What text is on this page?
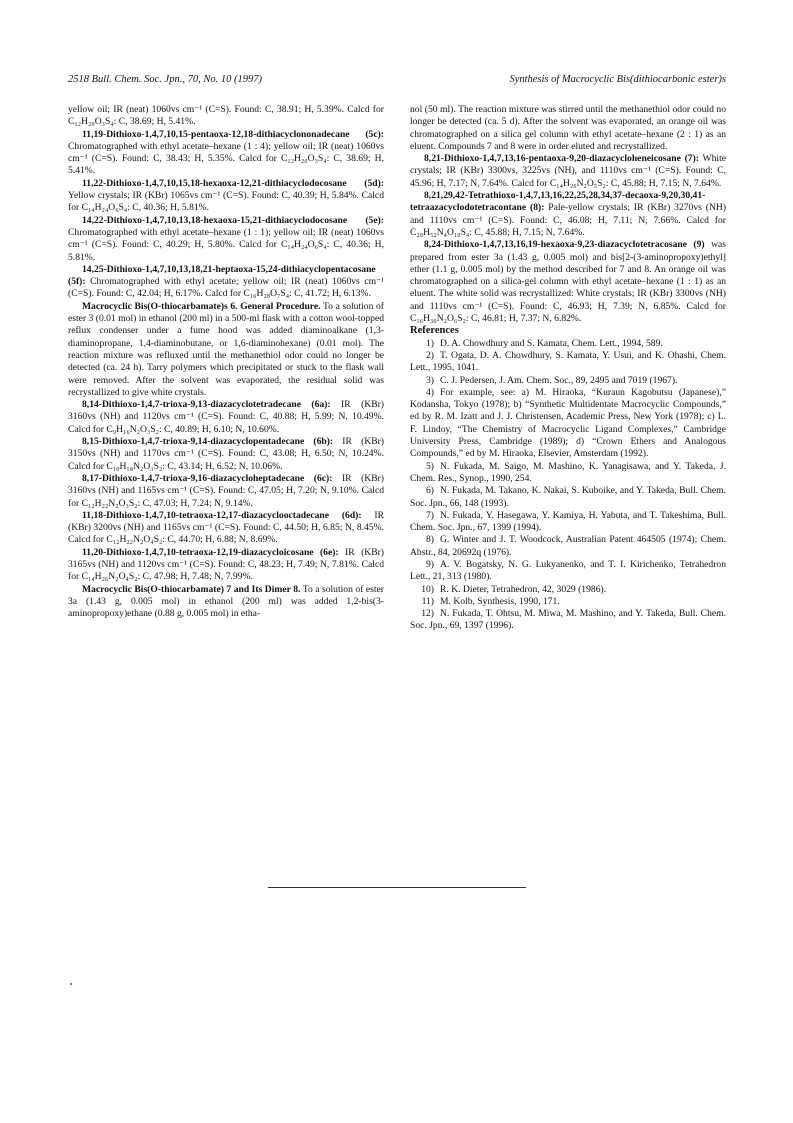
2518 Bull. Chem. Soc. Jpn., 70, No. 10 (1997)	Synthesis of Macrocyclic Bis(dithiocarbonic ester)s

yellow oil; IR (neat) 1060vs cm⁻¹ (C=S). Found: C, 38.91; H, 5.39%. Calcd for C₁₂H₂₀O₃S₄: C, 38.69; H, 5.41%.

11,19-Dithioxo-1,4,7,10,15-pentaoxa-12,18-dithiacyclononadecane (5c): Chromatographed with ethyl acetate–hexane (1 : 4); yellow oil; IR (neat) 1060vs cm⁻¹ (C=S). Found: C, 38.43; H, 5.35%. Calcd for C₁₂H₂₀O₃S₄: C, 38.69; H, 5.41%.

11,22-Dithioxo-1,4,7,10,15,18-hexaoxa-12,21-dithiacyclodocosane (5d): Yellow crystals; IR (KBr) 1065vs cm⁻¹ (C=S). Found: C, 40.39; H, 5.84%. Calcd for C₁₄H₂₄O₆S₄: C, 40.36; H, 5.81%.

14,22-Dithioxo-1,4,7,10,13,18-hexaoxa-15,21-dithiacyclodocosane (5e): Chromatographed with ethyl acetate–hexane (1 : 1); yellow oil; IR (neat) 1060vs cm⁻¹ (C=S). Found: C, 40.29; H, 5.80%. Calcd for C₁₄H₂₄O₆S₄: C, 40.36; H, 5.81%.

14,25-Dithioxo-1,4,7,10,13,18,21-heptaoxa-15,24-dithiacyclopentacosane (5f): Chromatographed with ethyl acetate; yellow oil; IR (neat) 1060vs cm⁻¹ (C=S). Found: C, 42.04; H, 6.17%. Calcd for C₁₆H₂₈O₇S₄: C, 41.72; H, 6.13%.

Macrocyclic Bis(O-thiocarbamate)s 6. General Procedure. To a solution of ester 3 (0.01 mol) in ethanol (200 ml) in a 500-ml flask with a cotton wool-topped reflux condenser under a fume hood was added diaminoalkane (1,3-diaminopropane, 1,4-diaminobutane, or 1,6-diaminohexane) (0.01 mol). The reaction mixture was refluxed until the methanethiol odor could no longer be detected (ca. 24 h). Tarry polymers which precipitated or stuck to the flask wall were removed. After the solvent was evaporated, the residual solid was recrystallized to give white crystals.

8,14-Dithioxo-1,4,7-trioxa-9,13-diazacyclotetradecane (6a): IR (KBr) 3160vs (NH) and 1120vs cm⁻¹ (C=S). Found: C, 40.88; H, 5.99; N, 10.49%. Calcd for C₉H₁₆N₂O₃S₂: C, 40.89; H, 6.10; N, 10.60%.

8,15-Dithioxo-1,4,7-trioxa-9,14-diazacyclopentadecane (6b): IR (KBr) 3150vs (NH) and 1170vs cm⁻¹ (C=S). Found: C, 43.08; H, 6.50; N, 10.24%. Calcd for C₁₀H₁₈N₂O₃S₂: C, 43.14; H, 6.52; N, 10.06%.

8,17-Dithioxo-1,4,7-trioxa-9,16-diazacycloheptadecane (6c): IR (KBr) 3160vs (NH) and 1165vs cm⁻¹ (C=S). Found: C, 47.05; H, 7.20; N, 9.10%. Calcd for C₁₂H₂₂N₂O₃S₂: C, 47.03; H, 7.24; N, 9.14%.

11,18-Dithioxo-1,4,7,10-tetraoxa-12,17-diazacyclooctadecane (6d): IR (KBr) 3200vs (NH) and 1165vs cm⁻¹ (C=S). Found: C, 44.50; H, 6.85; N, 8.45%. Calcd for C₁₂H₂₂N₂O₄S₂: C, 44.70; H, 6.88; N, 8.69%.

11,20-Dithioxo-1,4,7,10-tetraoxa-12,19-diazacycloicosane (6e): IR (KBr) 3165vs (NH) and 1120vs cm⁻¹ (C=S). Found: C, 48.23; H, 7.49; N, 7.81%. Calcd for C₁₄H₂₆N₂O₄S₂: C, 47.98; H, 7.48; N, 7.99%.

Macrocyclic Bis(O-thiocarbamate) 7 and Its Dimer 8. To a solution of ester 3a (1.43 g, 0.005 mol) in ethanol (200 ml) was added 1,2-bis(3-aminopropoxy)ethane (0.88 g, 0.005 mol) in etha-

nol (50 ml). The reaction mixture was stirred until the methanethiol odor could no longer be detected (ca. 5 d). After the solvent was evaporated, an orange oil was chromatographed on a silica gel column with ethyl acetate–hexane (2 : 1) as an eluent. Compounds 7 and 8 were in order eluted and recrystallized.

8,21-Dithioxo-1,4,7,13,16-pentaoxa-9,20-diazacycloheneicosane (7): White crystals; IR (KBr) 3300vs, 3225vs (NH), and 1110vs cm⁻¹ (C=S). Found: C, 45.96; H, 7.17; N, 7.64%. Calcd for C₁₄H₂₆N₂O₅S₂: C, 45.88; H, 7.15; N, 7.64%.

8,21,29,42-Tetrathioxo-1,4,7,13,16,22,25,28,34,37-decaoxa-9,20,30,41-tetraazacyclodotetracontane (8): Pale-yellow crystals; IR (KBr) 3270vs (NH) and 1110vs cm⁻¹ (C=S). Found: C, 46.08; H, 7.11; N, 7.66%. Calcd for C₂₈H₅₂N₄O₁₀S₄: C, 45.88; H, 7.15; N, 7.64%.

8,24-Dithioxo-1,4,7,13,16,19-hexaoxa-9,23-diazacyclotetracosane (9) was prepared from ester 3a (1.43 g, 0.005 mol) and bis[2-(3-aminopropoxy)ethyl] ether (1.1 g, 0.005 mol) by the method described for 7 and 8. An orange oil was chromatographed on a silica-gel column with ethyl acetate–hexane (1 : 1) as an eluent. The white solid was recrystallized: White crystals; IR (KBr) 3300vs (NH) and 1110vs cm⁻¹ (C=S). Found: C, 46.93; H, 7.39; N, 6.85%. Calcd for C₁₆H₃₀N₂O₆S₂: C, 46.81; H, 7.37; N, 6.82%.

References

1) D. A. Chowdhury and S. Kamata, Chem. Lett., 1994, 589.

2) T. Ogata, D. A. Chowdhury, S. Kamata, Y. Usui, and K. Ohashi, Chem. Lett., 1995, 1041.

3) C. J. Pedersen, J. Am. Chem. Soc., 89, 2495 and 7019 (1967).

4) For example, see: a) M. Hiraoka, “Kuraun Kagobutsu (Japanese),” Kodansha, Tokyo (1978); b) “Synthetic Multidentate Macrocyclic Compounds,” ed by R. M. Izatt and J. J. Christensen, Academic Press, New York (1978); c) L. F. Lindoy, “The Chemistry of Macrocyclic Ligand Complexes,” Cambridge University Press, Cambridge (1989); d) “Crown Ethers and Analogous Compounds,” ed by M. Hiraoka, Elsevier, Amsterdam (1992).

5) N. Fukada, M. Saigo, M. Mashino, K. Yanagisawa, and Y. Takeda, J. Chem. Res., Synop., 1990, 254.

6) N. Fukada, M. Takano, K. Nakai, S. Kuboike, and Y. Takeda, Bull. Chem. Soc. Jpn., 66, 148 (1993).

7) N. Fukada, Y. Hasegawa, Y. Kamiya, H. Yabuta, and T. Takeshima, Bull. Chem. Soc. Jpn., 67, 1399 (1994).

8) G. Winter and J. T. Woodcock, Australian Patent 464505 (1974); Chem. Abstr., 84, 20692q (1976).

9) A. V. Bogatsky, N. G. Lukyanenko, and T. I. Kirichenko, Tetrahedron Lett., 21, 313 (1980).

10) R. K. Dieter, Tetrahedron, 42, 3029 (1986).

11) M. Kolb, Synthesis, 1990, 171.

12) N. Fukada, T. Ohtsu, M. Miwa, M. Mashino, and Y. Takeda, Bull. Chem. Soc. Jpn., 69, 1397 (1996).
